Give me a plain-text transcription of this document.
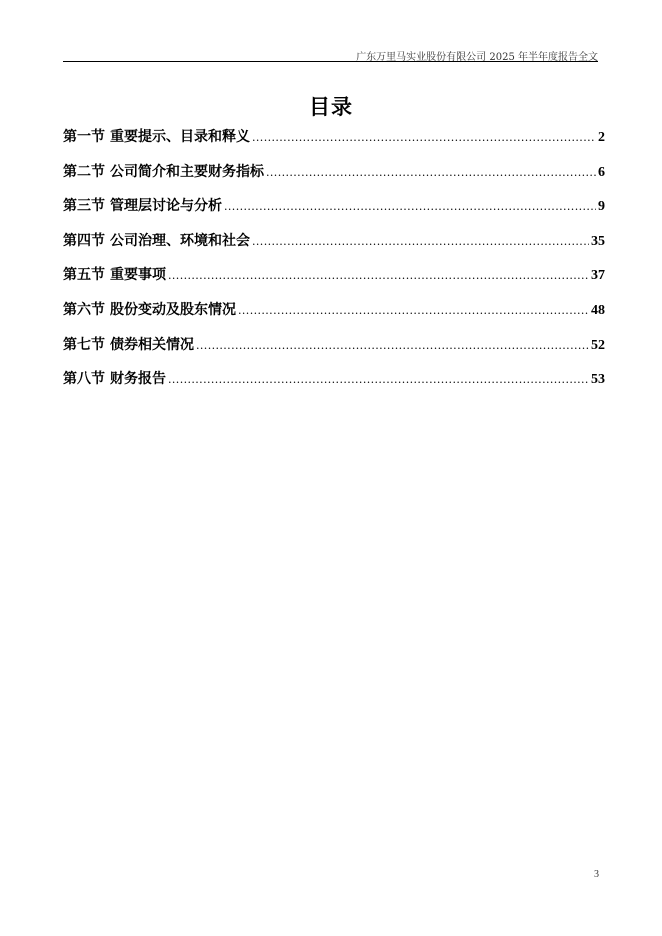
广东万里马实业股份有限公司 2025 年半年度报告全文
目录
第一节 重要提示、目录和释义 .....	2
第二节 公司简介和主要财务指标 .....	6
第三节 管理层讨论与分析 .....	9
第四节 公司治理、环境和社会 .....	35
第五节 重要事项 .....	37
第六节 股份变动及股东情况 .....	48
第七节 债券相关情况 .....	52
第八节 财务报告 .....	53
3
